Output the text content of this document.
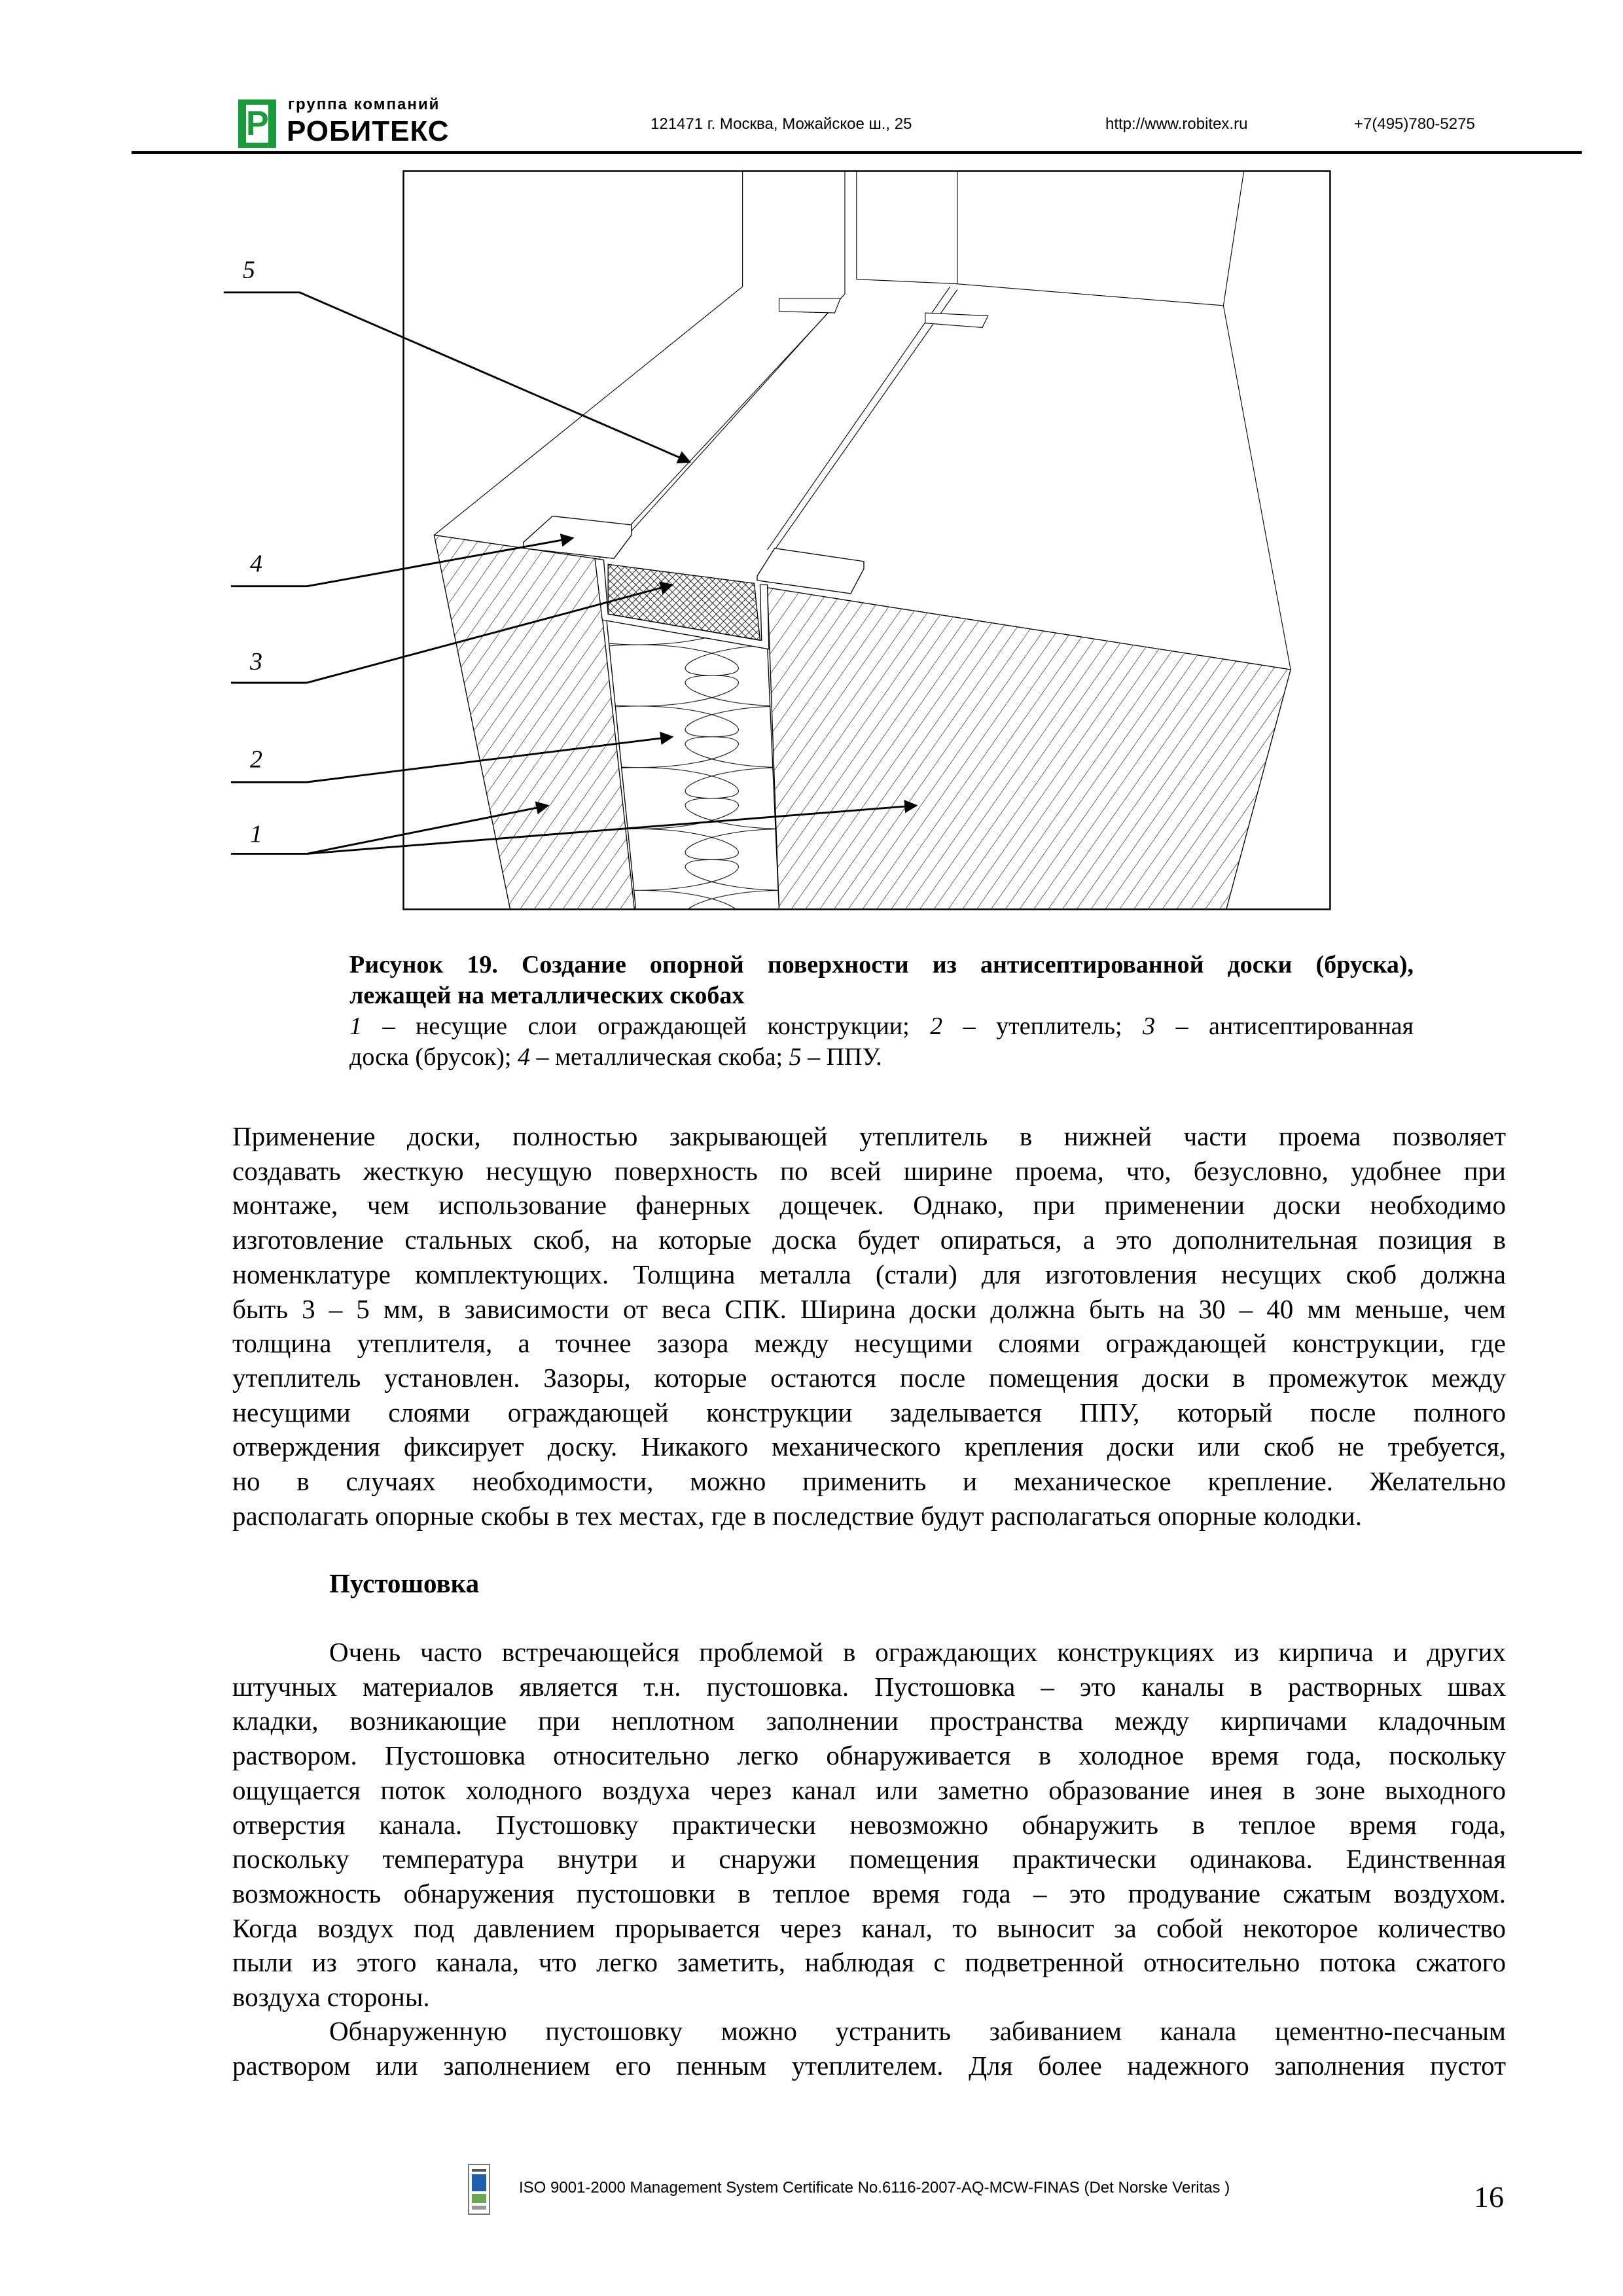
Р
группа компаний
РОБИТЕКС	121471 г. Москва, Можайское ш., 25	http://www.robitex.ru	+7(495)780-5275
5
4
3
2
1
Рисунок 19. Создание опорной поверхности из антисептированной доски (бруска),
лежащей на металлических скобах
1 – несущие слои ограждающей конструкции; 2 – утеплитель; 3 – антисептированная
доска (брусок); 4 – металлическая скоба; 5 – ППУ.
Применение доски, полностью закрывающей утеплитель в нижней части проема позволяет
создавать жесткую несущую поверхность по всей ширине проема, что, безусловно, удобнее при
монтаже, чем использование фанерных дощечек. Однако, при применении доски необходимо
изготовление стальных скоб, на которые доска будет опираться, а это дополнительная позиция в
номенклатуре комплектующих. Толщина металла (стали) для изготовления несущих скоб должна
быть 3 – 5 мм, в зависимости от веса СПК. Ширина доски должна быть на 30 – 40 мм меньше, чем
толщина утеплителя, а точнее зазора между несущими слоями ограждающей конструкции, где
утеплитель установлен. Зазоры, которые остаются после помещения доски в промежуток между
несущими слоями ограждающей конструкции заделывается ППУ, который после полного
отверждения фиксирует доску. Никакого механического крепления доски или скоб не требуется,
но в случаях необходимости, можно применить и механическое крепление. Желательно
располагать опорные скобы в тех местах, где в последствие будут располагаться опорные колодки.
Пустошовка
Очень часто встречающейся проблемой в ограждающих конструкциях из кирпича и других
штучных материалов является т.н. пустошовка. Пустошовка – это каналы в растворных швах
кладки, возникающие при неплотном заполнении пространства между кирпичами кладочным
раствором. Пустошовка относительно легко обнаруживается в холодное время года, поскольку
ощущается поток холодного воздуха через канал или заметно образование инея в зоне выходного
отверстия канала. Пустошовку практически невозможно обнаружить в теплое время года,
поскольку температура внутри и снаружи помещения практически одинакова. Единственная
возможность обнаружения пустошовки в теплое время года – это продувание сжатым воздухом.
Когда воздух под давлением прорывается через канал, то выносит за собой некоторое количество
пыли из этого канала, что легко заметить, наблюдая с подветренной относительно потока сжатого
воздуха стороны.
Обнаруженную пустошовку можно устранить забиванием канала цементно-песчаным
раствором или заполнением его пенным утеплителем. Для более надежного заполнения пустот
ISO 9001-2000 Management System Certificate No.6116-2007-AQ-MCW-FINAS (Det Norske Veritas )	16
